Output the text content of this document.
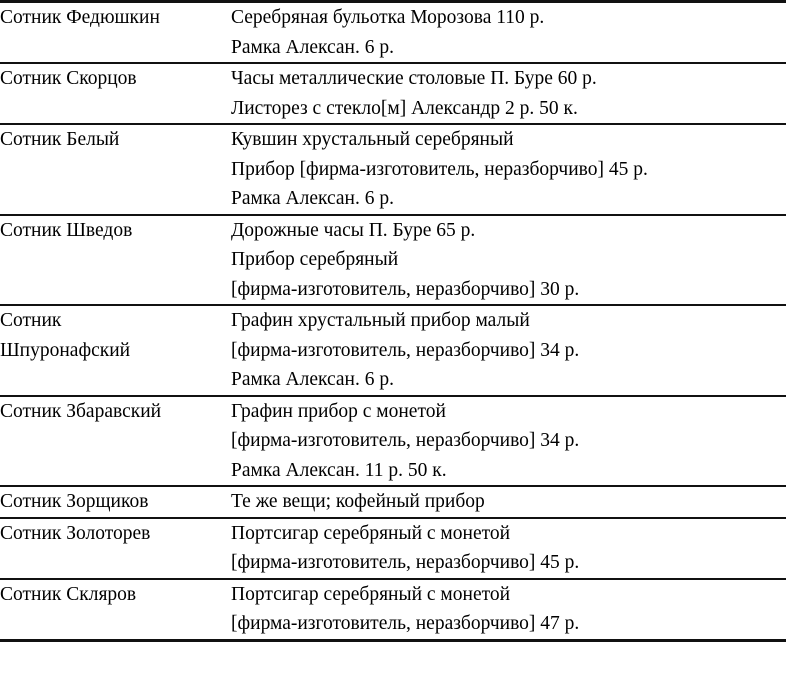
Сотник Федюшкин	Серебряная бульотка Морозова 110 р.
Рамка Алексан. 6 р.

Сотник Скорцов	Часы металлические столовые П. Буре 60 р.
Листорез с стекло[м] Александр 2 р. 50 к.

Сотник Белый	Кувшин хрустальный серебряный
Прибор [фирма-изготовитель, неразборчиво] 45 р.
Рамка Алексан. 6 р.

Сотник Шведов	Дорожные часы П. Буре 65 р.
Прибор серебряный
[фирма-изготовитель, неразборчиво] 30 р.

Сотник
Шпуронафский	Графин хрустальный прибор малый
[фирма-изготовитель, неразборчиво] 34 р.
Рамка Алексан. 6 р.

Сотник Збаравский	Графин прибор с монетой
[фирма-изготовитель, неразборчиво] 34 р.
Рамка Алексан. 11 р. 50 к.

Сотник Зорщиков	Те же вещи; кофейный прибор

Сотник Золоторев	Портсигар серебряный с монетой
[фирма-изготовитель, неразборчиво] 45 р.

Сотник Скляров	Портсигар серебряный с монетой
[фирма-изготовитель, неразборчиво] 47 р.
